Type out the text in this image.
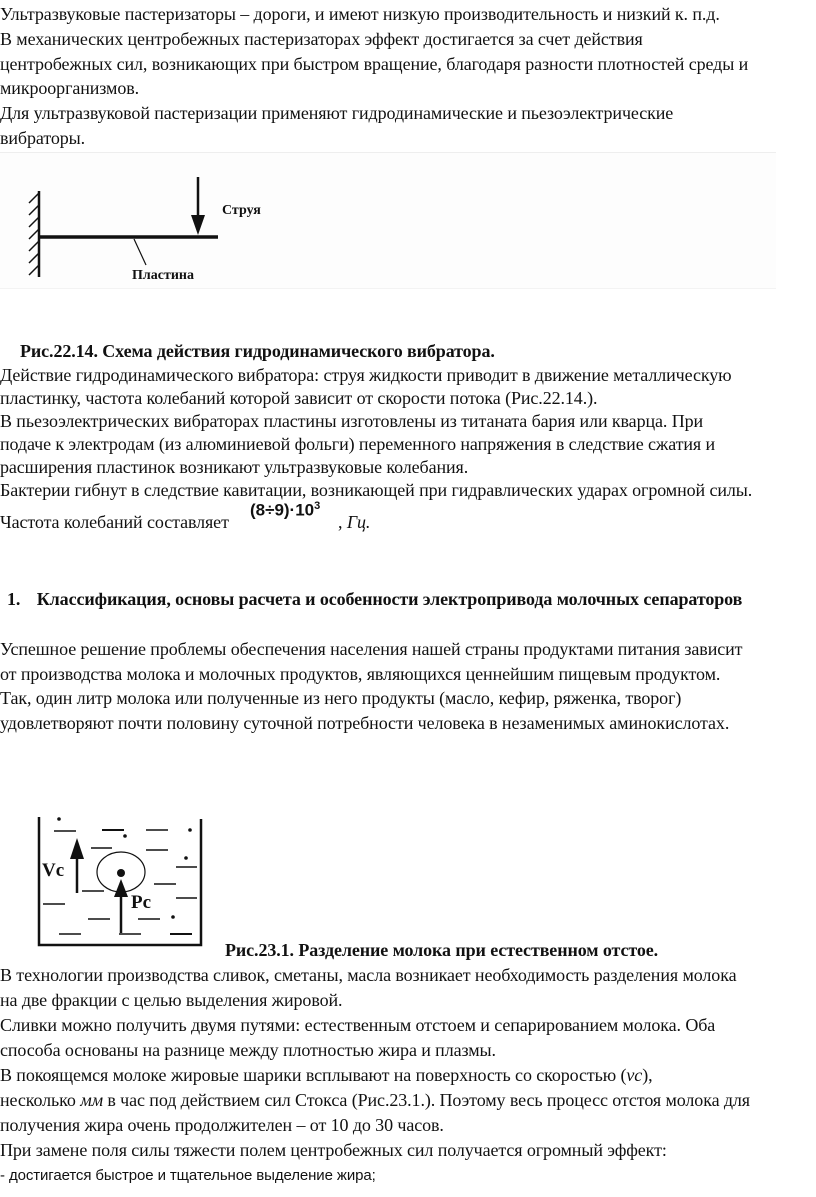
Ультразвуковые пастеризаторы – дороги, и имеют низкую производительность и низкий к. п.д.
В механических центробежных пастеризаторах эффект достигается за счет действия
центробежных сил, возникающих при быстром вращение, благодаря разности плотностей среды и
микроорганизмов.
Для ультразвуковой пастеризации применяют гидродинамические и пьезоэлектрические
вибраторы.
Струя
Пластина
Рис.22.14. Схема действия гидродинамического вибратора.
Действие гидродинамического вибратора: струя жидкости приводит в движение металлическую
пластинку, частота колебаний которой зависит от скорости потока (Рис.22.14.).
В пьезоэлектрических вибраторах пластины изготовлены из титаната бария или кварца. При
подаче к электродам (из алюминиевой фольги) переменного напряжения в следствие сжатия и
расширения пластинок возникают ультразвуковые колебания.
Бактерии гибнут в следствие кавитации, возникающей при гидравлических ударах огромной силы.
Частота колебаний составляет
$(8\div 9)\cdot 10^3$
, Гц.
1. Классификация, основы расчета и особенности электропривода молочных сепараторов
Успешное решение проблемы обеспечения населения нашей страны продуктами питания зависит
от производства молока и молочных продуктов, являющихся ценнейшим пищевым продуктом.
Так, один литр молока или полученные из него продукты (масло, кефир, ряженка, творог)
удовлетворяют почти половину суточной потребности человека в незаменимых аминокислотах.
Vc
Pc
Рис.23.1. Разделение молока при естественном отстое.
В технологии производства сливок, сметаны, масла возникает необходимость разделения молока
на две фракции с целью выделения жировой.
Сливки можно получить двумя путями: естественным отстоем и сепарированием молока. Оба
способа основаны на разнице между плотностью жира и плазмы.
В покоящемся молоке жировые шарики всплывают на поверхность со скоростью (vc),
несколько мм в час под действием сил Стокса (Рис.23.1.). Поэтому весь процесс отстоя молока для
получения жира очень продолжителен – от 10 до 30 часов.
При замене поля силы тяжести полем центробежных сил получается огромный эффект:
- достигается быстрое и тщательное выделение жира;
